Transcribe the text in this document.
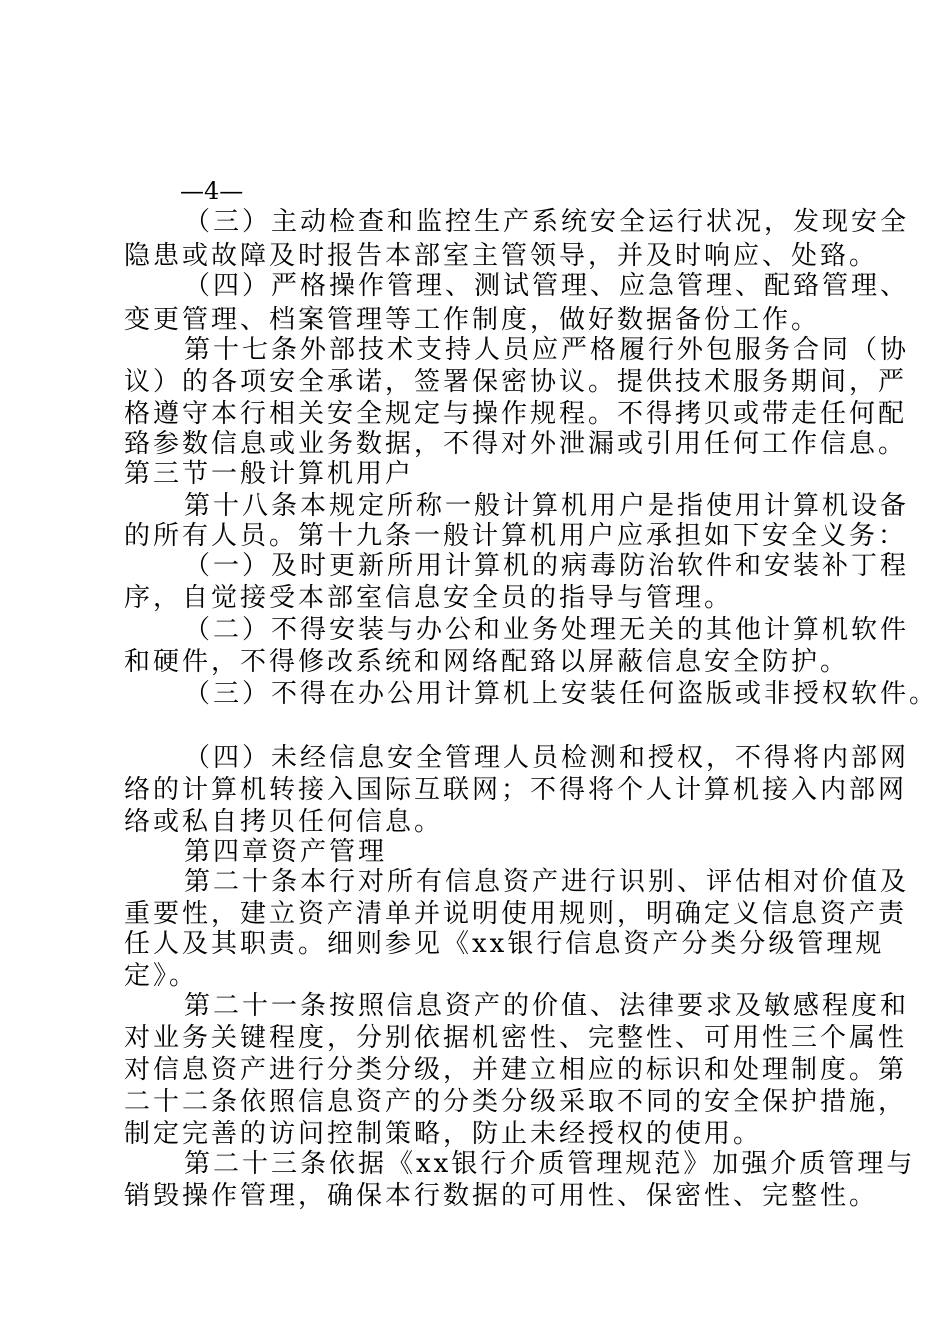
—4—
（三）主动检查和监控生产系统安全运行状况，发现安全
隐患或故障及时报告本部室主管领导，并及时响应、处臵。
（四）严格操作管理、测试管理、应急管理、配臵管理、
变更管理、档案管理等工作制度，做好数据备份工作。
第十七条外部技术支持人员应严格履行外包服务合同（协
议）的各项安全承诺，签署保密协议。提供技术服务期间，严
格遵守本行相关安全规定与操作规程。不得拷贝或带走任何配
臵参数信息或业务数据，不得对外泄漏或引用任何工作信息。
第三节一般计算机用户
第十八条本规定所称一般计算机用户是指使用计算机设备
的所有人员。第十九条一般计算机用户应承担如下安全义务：
（一）及时更新所用计算机的病毒防治软件和安装补丁程
序，自觉接受本部室信息安全员的指导与管理。
（二）不得安装与办公和业务处理无关的其他计算机软件
和硬件，不得修改系统和网络配臵以屏蔽信息安全防护。
（三）不得在办公用计算机上安装任何盗版或非授权软件。
（四）未经信息安全管理人员检测和授权，不得将内部网
络的计算机转接入国际互联网；不得将个人计算机接入内部网
络或私自拷贝任何信息。
第四章资产管理
第二十条本行对所有信息资产进行识别、评估相对价值及
重要性，建立资产清单并说明使用规则，明确定义信息资产责
任人及其职责。细则参见《xx银行信息资产分类分级管理规
定》。
第二十一条按照信息资产的价值、法律要求及敏感程度和
对业务关键程度，分别依据机密性、完整性、可用性三个属性
对信息资产进行分类分级，并建立相应的标识和处理制度。第
二十二条依照信息资产的分类分级采取不同的安全保护措施，
制定完善的访问控制策略，防止未经授权的使用。
第二十三条依据《xx银行介质管理规范》加强介质管理与
销毁操作管理，确保本行数据的可用性、保密性、完整性。
